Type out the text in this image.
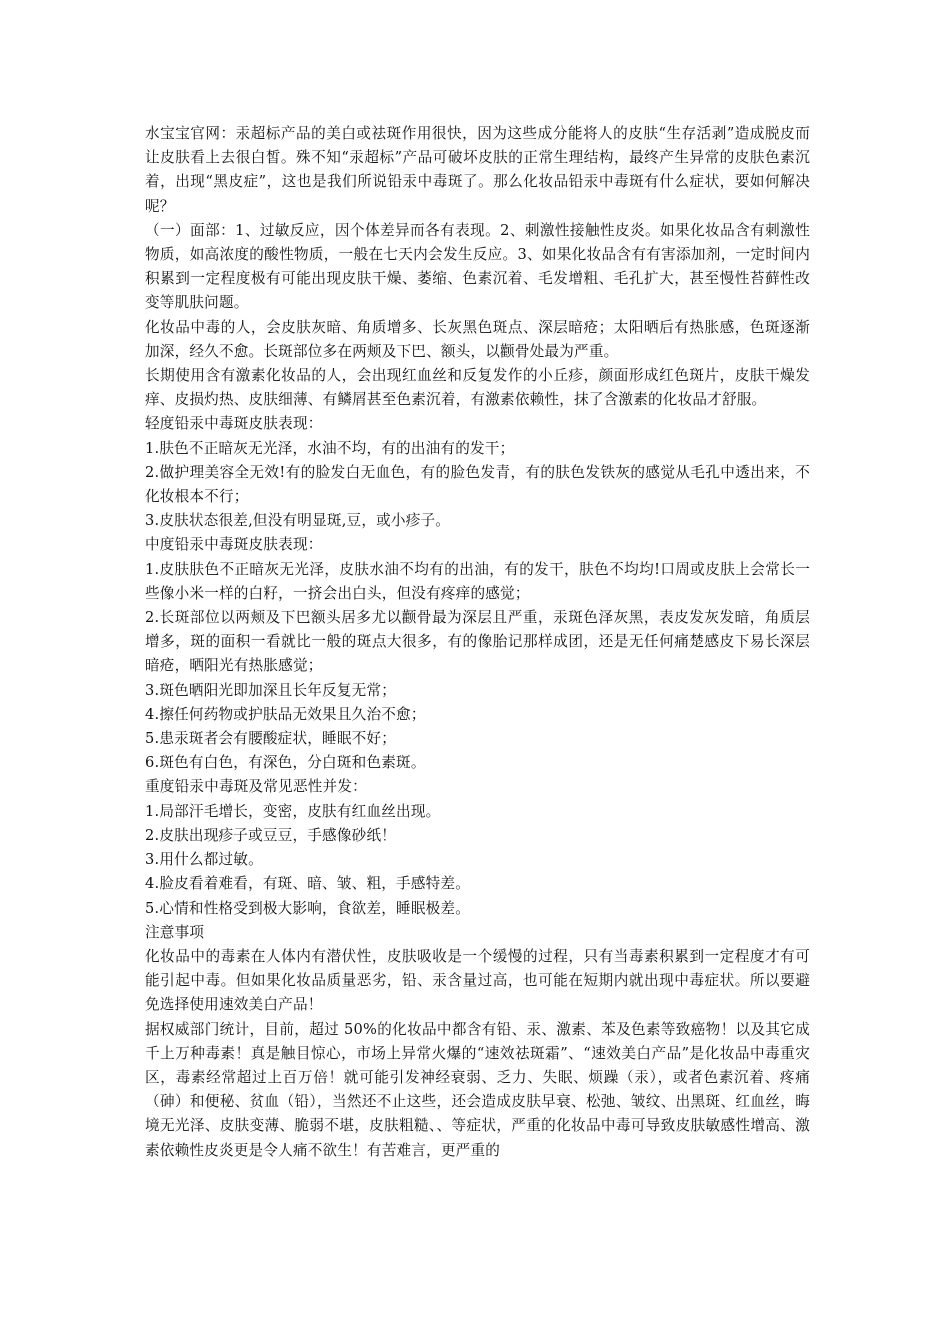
水宝宝官网：汞超标产品的美白或祛斑作用很快，因为这些成分能将人的皮肤“生存活剥”造成脱皮而让皮肤看上去很白皙。殊不知“汞超标”产品可破坏皮肤的正常生理结构，最终产生异常的皮肤色素沉着，出现“黑皮症”，这也是我们所说铅汞中毒斑了。那么化妆品铅汞中毒斑有什么症状，要如何解决呢？

（一）面部：1、过敏反应，因个体差异而各有表现。2、刺激性接触性皮炎。如果化妆品含有刺激性物质，如高浓度的酸性物质，一般在七天内会发生反应。3、如果化妆品含有有害添加剂，一定时间内积累到一定程度极有可能出现皮肤干燥、萎缩、色素沉着、毛发增粗、毛孔扩大，甚至慢性苔藓性改变等肌肤问题。

化妆品中毒的人，会皮肤灰暗、角质增多、长灰黑色斑点、深层暗疮；太阳晒后有热胀感，色斑逐渐加深，经久不愈。长斑部位多在两颊及下巴、额头，以颧骨处最为严重。

长期使用含有激素化妆品的人，会出现红血丝和反复发作的小丘疹，颜面形成红色斑片，皮肤干燥发痒、皮损灼热、皮肤细薄、有鳞屑甚至色素沉着，有激素依赖性，抹了含激素的化妆品才舒服。

轻度铅汞中毒斑皮肤表现：

1.肤色不正暗灰无光泽，水油不均，有的出油有的发干；

2.做护理美容全无效!有的脸发白无血色，有的脸色发青，有的肤色发铁灰的感觉从毛孔中透出来，不化妆根本不行；

3.皮肤状态很差,但没有明显斑,豆，或小疹子。

中度铅汞中毒斑皮肤表现：

1.皮肤肤色不正暗灰无光泽，皮肤水油不均有的出油，有的发干，肤色不均均!口周或皮肤上会常长一些像小米一样的白籽，一挤会出白头，但没有疼痒的感觉；

2.长斑部位以两颊及下巴额头居多尤以颧骨最为深层且严重，汞斑色泽灰黑，表皮发灰发暗，角质层增多，斑的面积一看就比一般的斑点大很多，有的像胎记那样成团，还是无任何痛楚感皮下易长深层暗疮，晒阳光有热胀感觉；

3.斑色晒阳光即加深且长年反复无常；

4.擦任何药物或护肤品无效果且久治不愈；

5.患汞斑者会有腰酸症状，睡眠不好；

6.斑色有白色，有深色，分白斑和色素斑。

重度铅汞中毒斑及常见恶性并发：

1.局部汗毛增长，变密，皮肤有红血丝出现。

2.皮肤出现疹子或豆豆，手感像砂纸！

3.用什么都过敏。

4.脸皮看着难看，有斑、暗、皱、粗，手感特差。

5.心情和性格受到极大影响，食欲差，睡眠极差。

注意事项

化妆品中的毒素在人体内有潜伏性，皮肤吸收是一个缓慢的过程，只有当毒素积累到一定程度才有可能引起中毒。但如果化妆品质量恶劣，铅、汞含量过高，也可能在短期内就出现中毒症状。所以要避免选择使用速效美白产品！

据权威部门统计，目前，超过 50%的化妆品中都含有铅、汞、激素、苯及色素等致癌物！以及其它成千上万种毒素！真是触目惊心，市场上异常火爆的“速效祛斑霜”、“速效美白产品”是化妆品中毒重灾区，毒素经常超过上百万倍！就可能引发神经衰弱、乏力、失眠、烦躁（汞），或者色素沉着、疼痛（砷）和便秘、贫血（铅），当然还不止这些，还会造成皮肤早衰、松弛、皱纹、出黑斑、红血丝，晦境无光泽、皮肤变薄、脆弱不堪，皮肤粗糙、、等症状，严重的化妆品中毒可导致皮肤敏感性增高、激素依赖性皮炎更是令人痛不欲生！有苦难言，更严重的
